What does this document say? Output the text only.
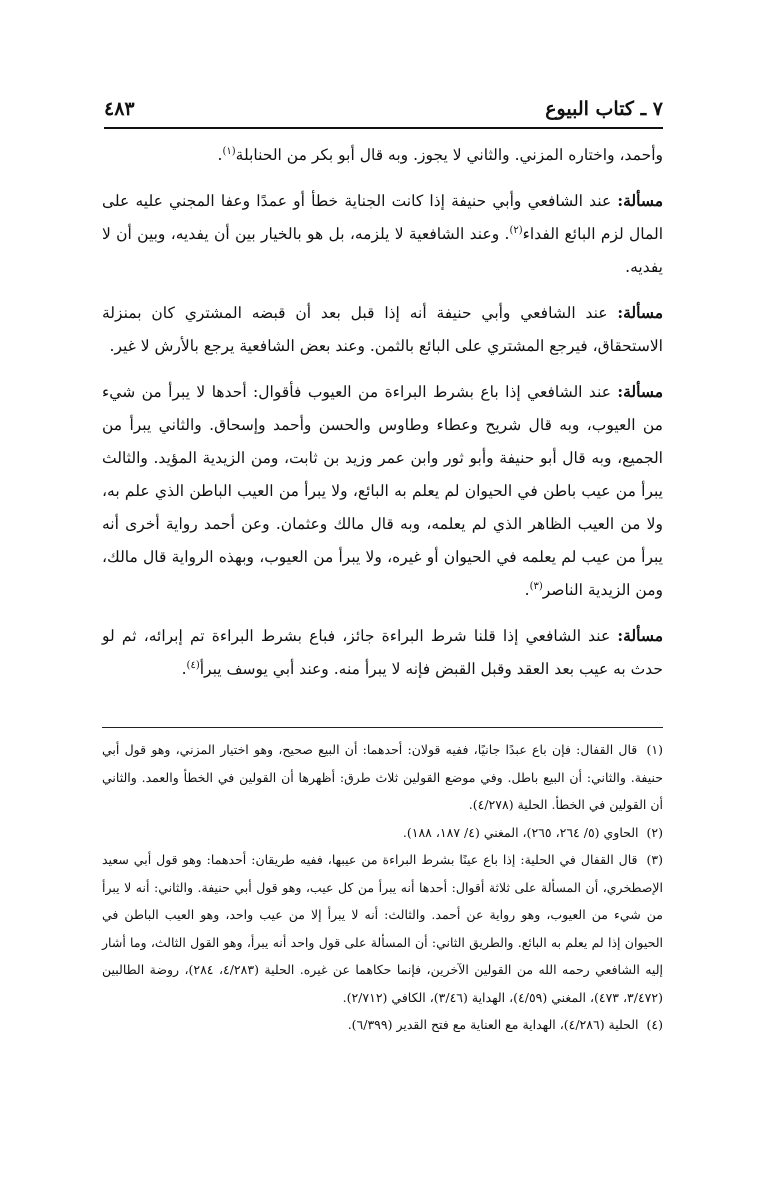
٤٨٣	٧ ـ كتاب البيوع

وأحمد، واختاره المزني. والثاني لا يجوز. وبه قال أبو بكر من الحنابلة$^{(١)}$.

مسألة: عند الشافعي وأبي حنيفة إذا كانت الجناية خطأ أو عمدًا وعفا المجني عليه على المال لزم البائع الفداء$^{(٢)}$. وعند الشافعية لا يلزمه، بل هو بالخيار بين أن يفديه، وبين أن لا يفديه.

مسألة: عند الشافعي وأبي حنيفة أنه إذا قبل بعد أن قبضه المشتري كان بمنزلة الاستحقاق، فيرجع المشتري على البائع بالثمن. وعند بعض الشافعية يرجع بالأرش لا غير.

مسألة: عند الشافعي إذا باع بشرط البراءة من العيوب فأقوال: أحدها لا يبرأ من شيء من العيوب، وبه قال شريح وعطاء وطاوس والحسن وأحمد وإسحاق. والثاني يبرأ من الجميع، وبه قال أبو حنيفة وأبو ثور وابن عمر وزيد بن ثابت، ومن الزيدية المؤيد. والثالث يبرأ من عيب باطن في الحيوان لم يعلم به البائع، ولا يبرأ من العيب الباطن الذي علم به، ولا من العيب الظاهر الذي لم يعلمه، وبه قال مالك وعثمان. وعن أحمد رواية أخرى أنه يبرأ من عيب لم يعلمه في الحيوان أو غيره، ولا يبرأ من العيوب، وبهذه الرواية قال مالك، ومن الزيدية الناصر$^{(٣)}$.

مسألة: عند الشافعي إذا قلنا شرط البراءة جائز، فباع بشرط البراءة تم إبرائه، ثم لو حدث به عيب بعد العقد وقبل القبض فإنه لا يبرأ منه. وعند أبي يوسف يبرأ$^{(٤)}$.

(١) قال القفال: فإن باع عبدًا جانيًا، ففيه قولان: أحدهما: أن البيع صحيح، وهو اختيار المزني، وهو قول أبي حنيفة. والثاني: أن البيع باطل. وفي موضع القولين ثلاث طرق: أظهرها أن القولين في الخطأ والعمد. والثاني أن القولين في الخطأ. الحلية (٤/٢٧٨).

(٢) الحاوي (٥/ ٢٦٤، ٢٦٥)، المغني (٤/ ١٨٧، ١٨٨).

(٣) قال القفال في الحلية: إذا باع عينًا بشرط البراءة من عيبها، ففيه طريقان: أحدهما: وهو قول أبي سعيد الإصطخري، أن المسألة على ثلاثة أقوال: أحدها أنه يبرأ من كل عيب، وهو قول أبي حنيفة. والثاني: أنه لا يبرأ من شيء من العيوب، وهو رواية عن أحمد. والثالث: أنه لا يبرأ إلا من عيب واحد، وهو العيب الباطن في الحيوان إذا لم يعلم به البائع. والطريق الثاني: أن المسألة على قول واحد أنه يبرأ، وهو القول الثالث، وما أشار إليه الشافعي رحمه الله من القولين الآخرين، فإنما حكاهما عن غيره. الحلية (٤/٢٨٣، ٢٨٤)، روضة الطالبين (٣/٤٧٢، ٤٧٣)، المغني (٤/٥٩)، الهداية (٣/٤٦)، الكافي (٢/٧١٢).

(٤) الحلية (٤/٢٨٦)، الهداية مع العناية مع فتح القدير (٦/٣٩٩).
